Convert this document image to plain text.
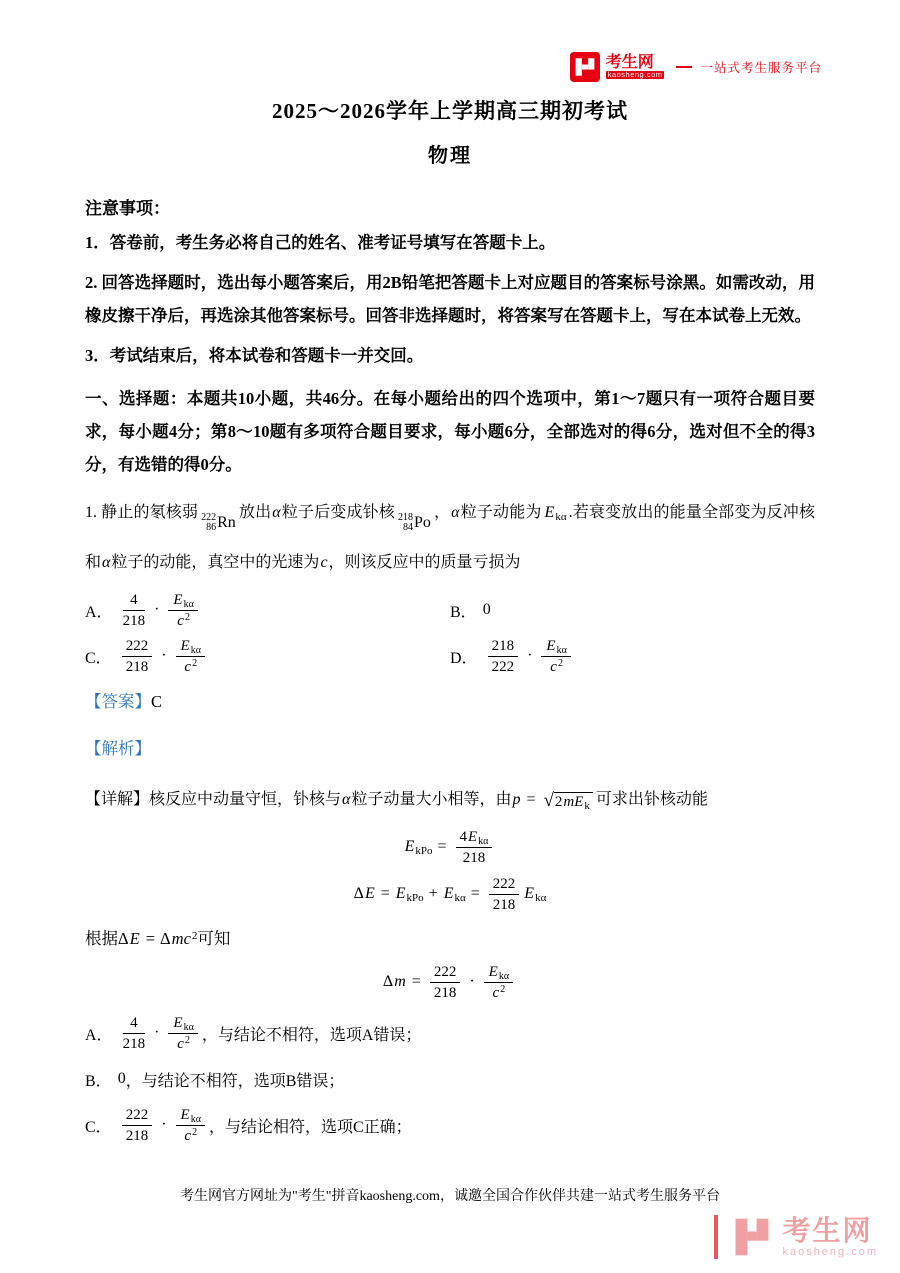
考生网
kaosheng.com	一站式考生服务平台
2025～2026学年上学期高三期初考试
物理
注意事项：

1．答卷前，考生务必将自己的姓名、准考证号填写在答题卡上。

2. 回答选择题时，选出每小题答案后，用2B铅笔把答题卡上对应题目的答案标号涂黑。如需改动，用橡皮擦干净后，再选涂其他答案标号。回答非选择题时，将答案写在答题卡上，写在本试卷上无效。

3．考试结束后，将本试卷和答题卡一并交回。

一、选择题：本题共10小题，共46分。在每小题给出的四个选项中，第1～7题只有一项符合题目要求，每小题4分；第8～10题有多项符合题目要求，每小题6分，全部选对的得6分，选对但不全的得3分，有选错的得0分。

1. 静止的氡核弱 222
86 Rn
放出α粒子后变成钋核 218
84 Po
，α粒子动能为 $E_{k\alpha}$ .若衰变放出的能量全部变为反冲核和α粒子的动能，真空中的光速为c，则该反应中的质量亏损为

A． $\frac{4}{218} \cdot \frac{E_{k\alpha}}{c^2}$	B． 0
C． $\frac{222}{218} \cdot \frac{E_{k\alpha}}{c^2}$	D． $\frac{218}{222} \cdot \frac{E_{k\alpha}}{c^2}$

【答案】C

【解析】

【详解】核反应中动量守恒，钋核与α粒子动量大小相等，由p = √ $2mE_k$ 可求出钋核动能

$E_{kPo} = \frac{4E_{k\alpha}}{218}$
$\Delta E = E_{kPo} + E_{k\alpha} = \frac{222}{218} E_{k\alpha}$

根据ΔE = Δmc$^2$可知

$\Delta m = \frac{222}{218} \cdot \frac{E_{k\alpha}}{c^2}$
A． $\frac{4}{218} \cdot \frac{E_{k\alpha}}{c^2}$ ，与结论不相符，选项A错误；
B． 0 ，与结论不相符，选项B错误；
C． $\frac{222}{218} \cdot \frac{E_{k\alpha}}{c^2}$ ，与结论相符，选项C正确；
考生网官方网址为"考生"拼音kaosheng.com，诚邀全国合作伙伴共建一站式考生服务平台
考生网
kaosheng.com
